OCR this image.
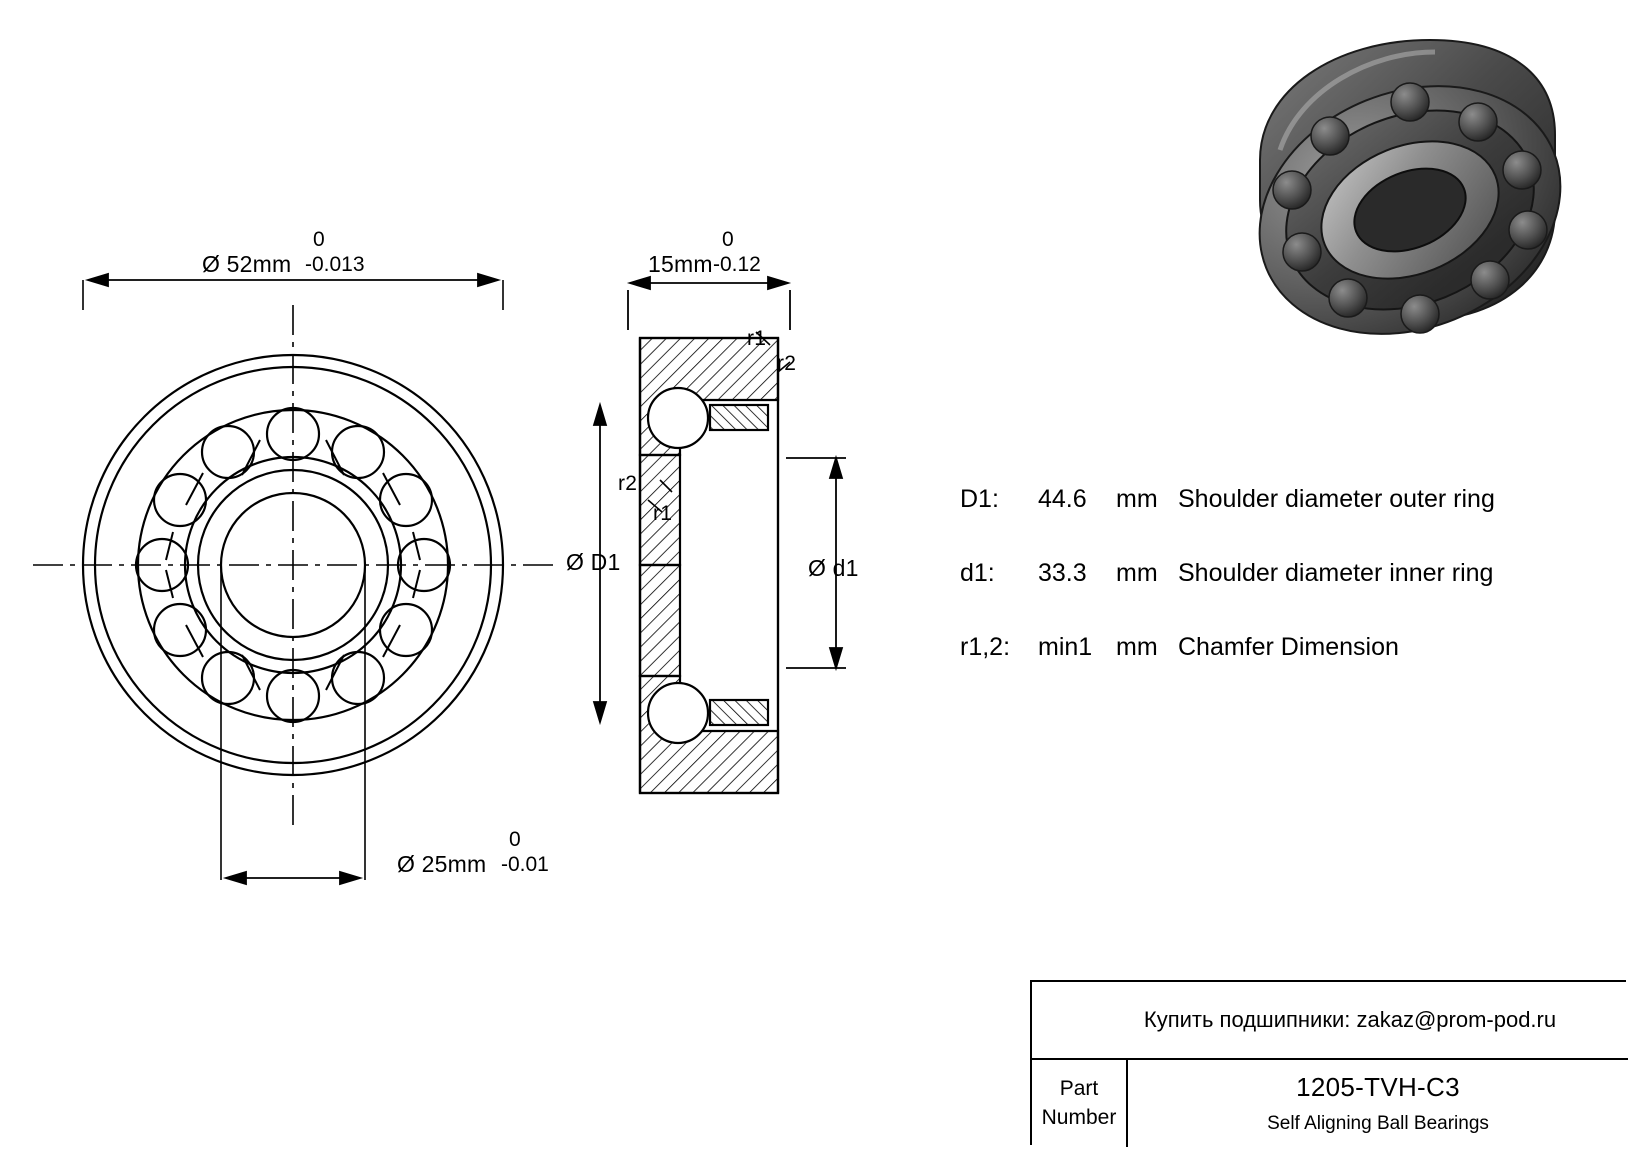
0
Ø 52mm -0.013
0
Ø 25mm -0.01
0
15mm -0.12
Ø D1	Ø d1
r1
r2
r2
r1
D1:	44.6	mm Shoulder diameter outer ring
d1:	33.3	mm Shoulder diameter inner ring
r1,2:	min1 mm Chamfer Dimension
Купить подшипники: zakaz@prom-pod.ru
Part
Number
1205-TVH-C3
Self Aligning Ball Bearings
